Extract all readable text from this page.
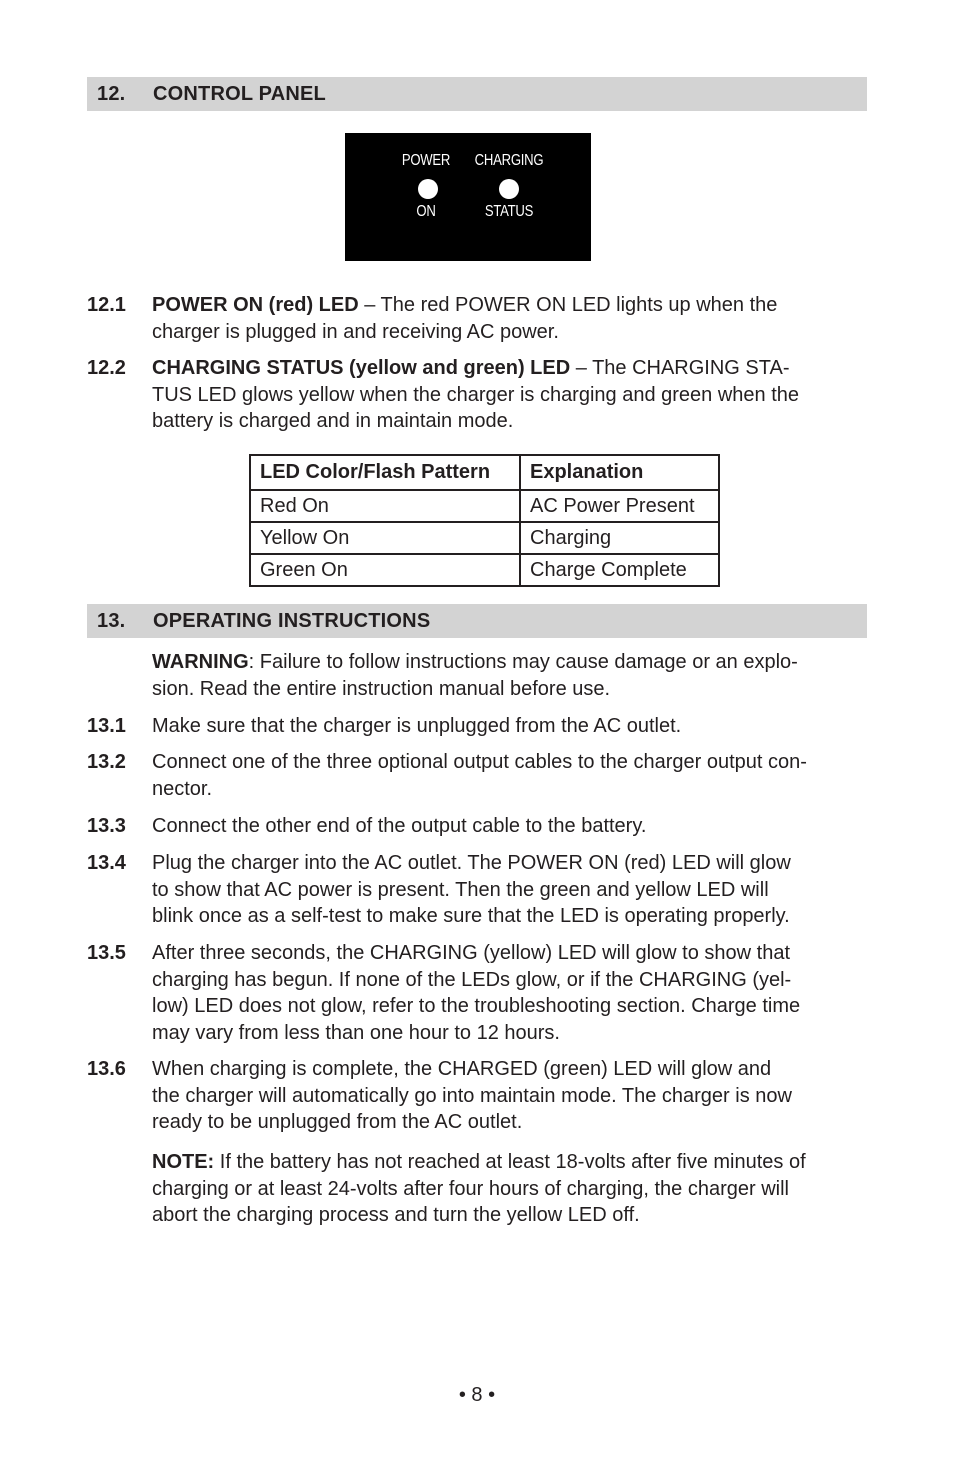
12. CONTROL PANEL
POWER
ON
CHARGING
STATUS
12.1 POWER ON (red) LED – The red POWER ON LED lights up when the
charger is plugged in and receiving AC power.
12.2 CHARGING STATUS (yellow and green) LED – The CHARGING STA-
TUS LED glows yellow when the charger is charging and green when the
battery is charged and in maintain mode.
LED Color/Flash Pattern	Explanation
Red On	AC Power Present
Yellow On	Charging
Green On	Charge Complete
13. OPERATING INSTRUCTIONS
WARNING: Failure to follow instructions may cause damage or an explo-
sion. Read the entire instruction manual before use.
13.1 Make sure that the charger is unplugged from the AC outlet.
13.2 Connect one of the three optional output cables to the charger output con-
nector.
13.3 Connect the other end of the output cable to the battery.
13.4 Plug the charger into the AC outlet. The POWER ON (red) LED will glow
to show that AC power is present. Then the green and yellow LED will
blink once as a self-test to make sure that the LED is operating properly.
13.5 After three seconds, the CHARGING (yellow) LED will glow to show that
charging has begun. If none of the LEDs glow, or if the CHARGING (yel-
low) LED does not glow, refer to the troubleshooting section. Charge time
may vary from less than one hour to 12 hours.
13.6 When charging is complete, the CHARGED (green) LED will glow and
the charger will automatically go into maintain mode. The charger is now
ready to be unplugged from the AC outlet.
NOTE: If the battery has not reached at least 18-volts after five minutes of
charging or at least 24-volts after four hours of charging, the charger will
abort the charging process and turn the yellow LED off.
• 8 •
